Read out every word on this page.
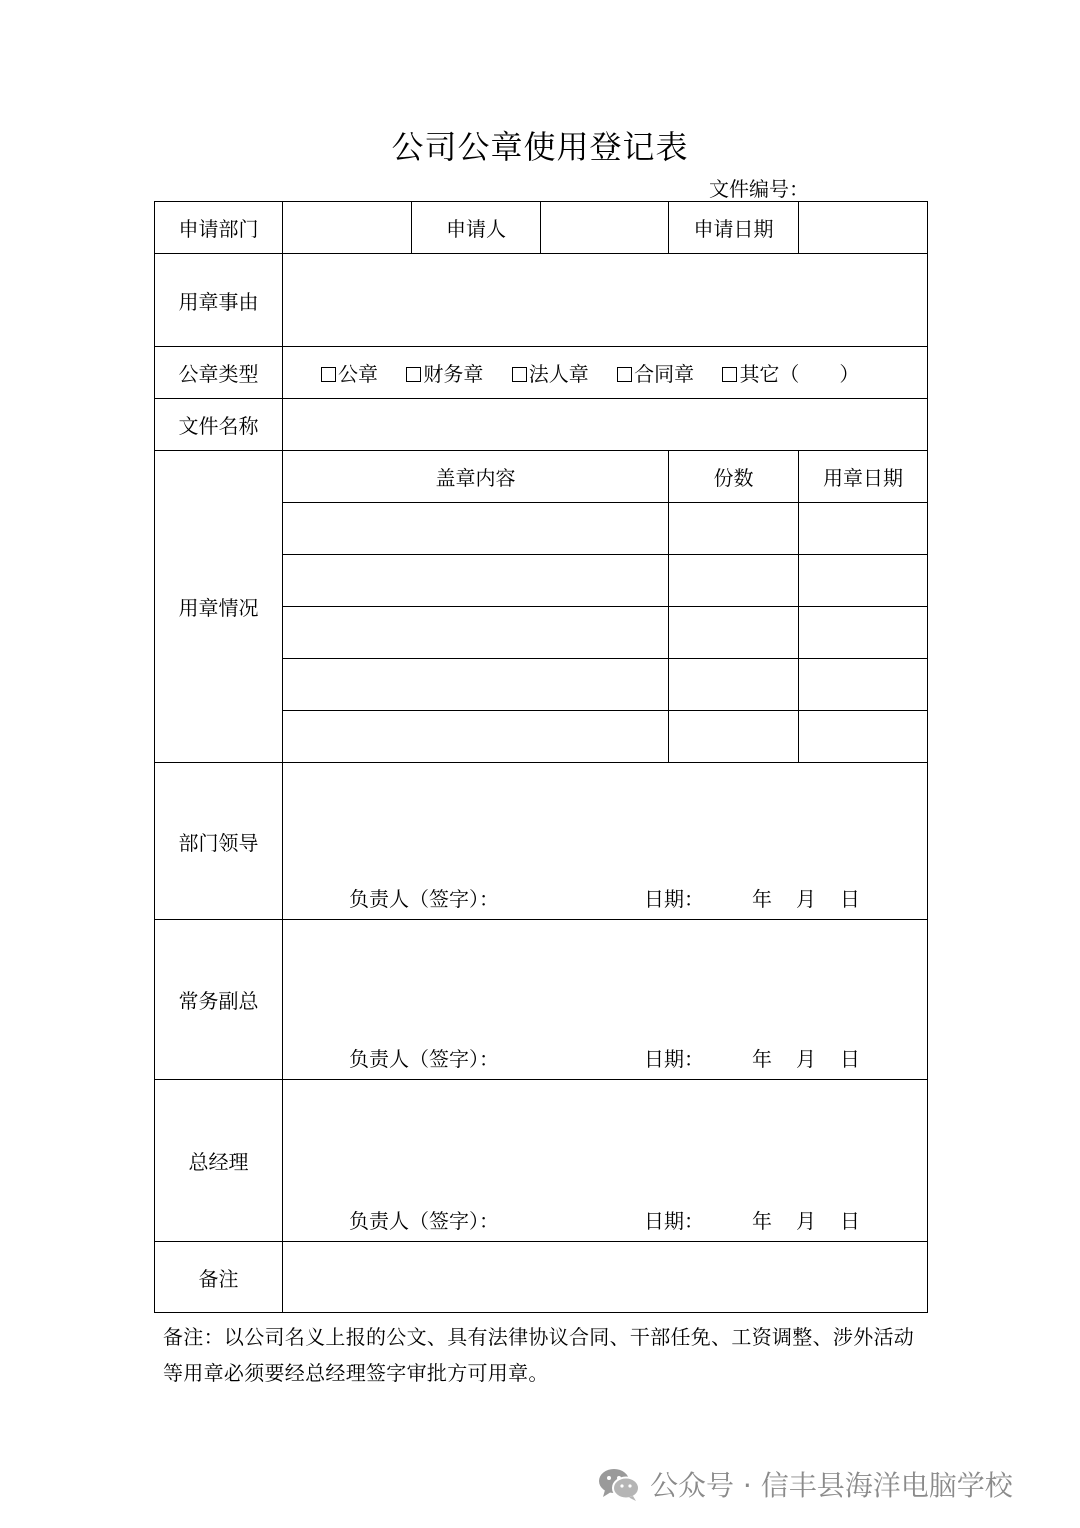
公司公章使用登记表
文件编号：
申请部门		申请人		申请日期	
用章事由					
公章类型	公章 财务章 法人章 合同章 其它（　　）				
文件名称					
用章情况	盖章内容			份数	用章日期

部门领导	负责人（签字）： 日期： 年 月 日				

常务副总	负责人（签字）： 日期： 年 月 日				

总经理	负责人（签字）： 日期： 年 月 日				

备注					
备注：以公司名义上报的公文、具有法律协议合同、干部任免、工资调整、涉外活动等用章必须要经总经理签字审批方可用章。
公众号 · 信丰县海洋电脑学校
